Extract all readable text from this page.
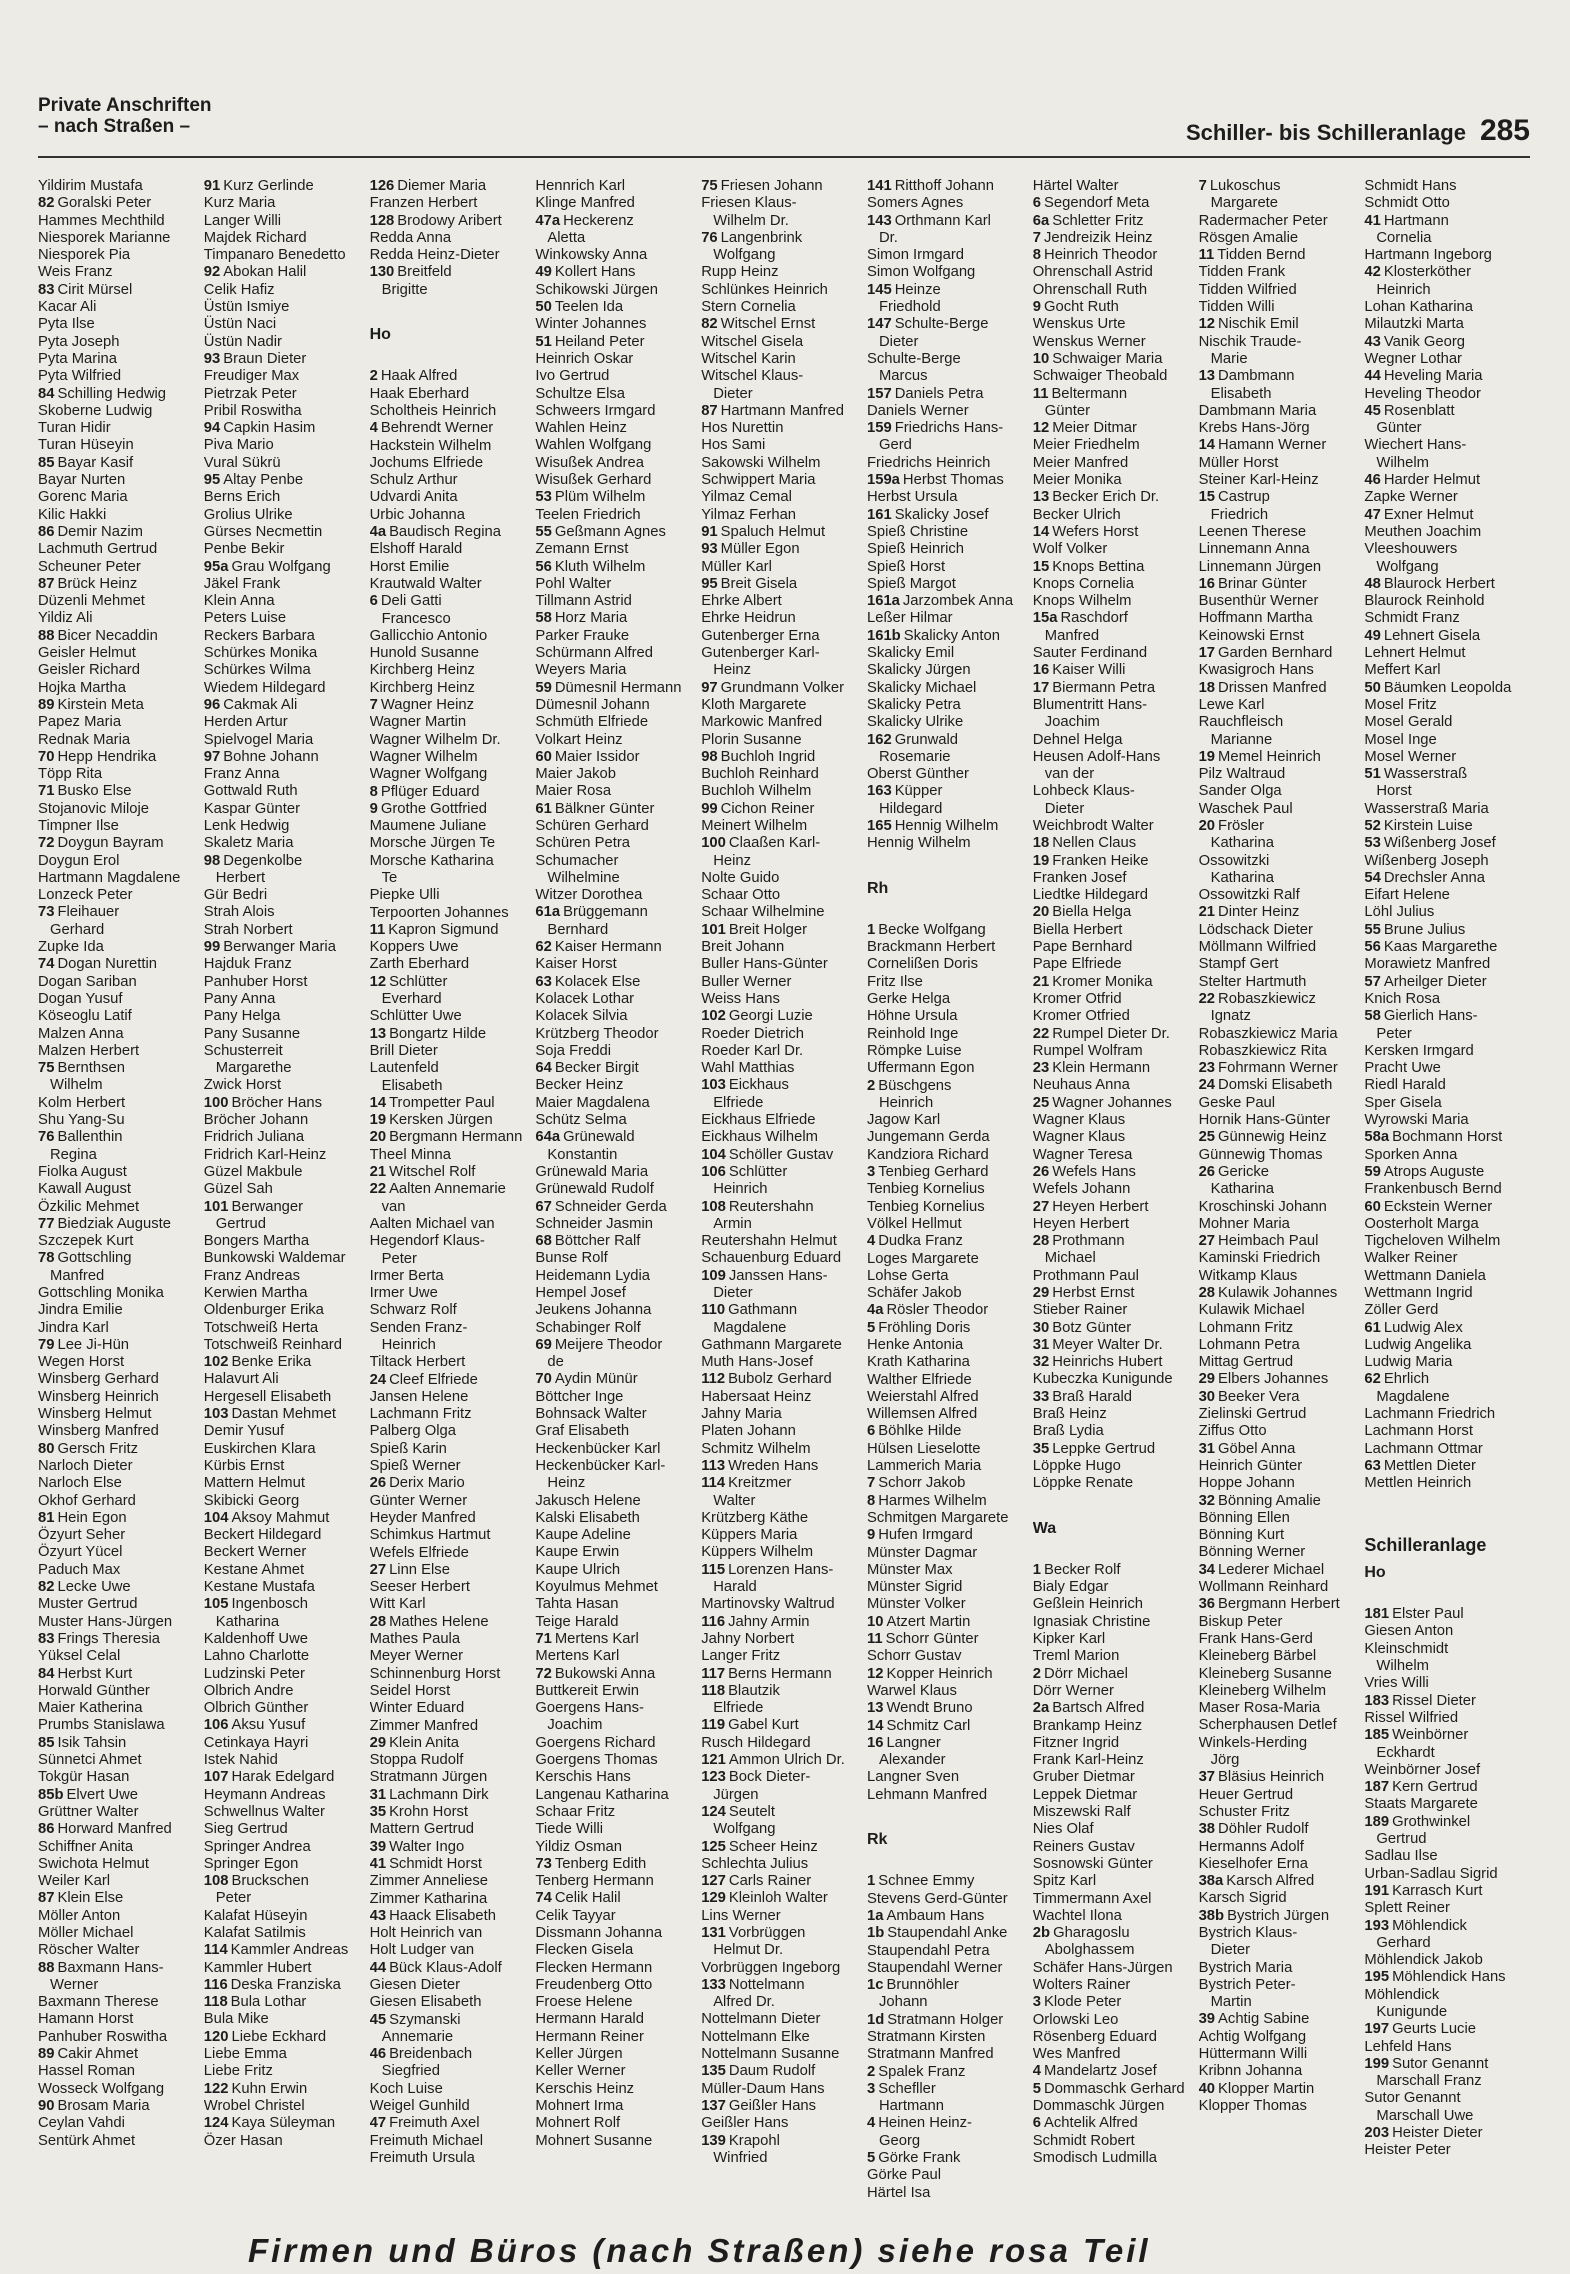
Private Anschriften
– nach Straßen –	Schiller- bis Schilleranlage 285
Yildirim Mustafa
82 Goralski Peter
Hammes Mechthild
Niesporek Marianne
Niesporek Pia
Weis Franz
83 Cirit Mürsel
Kacar Ali
Pyta Ilse
Pyta Joseph
Pyta Marina
Pyta Wilfried
84 Schilling Hedwig
Skoberne Ludwig
Turan Hidir
Turan Hüseyin
85 Bayar Kasif
Bayar Nurten
Gorenc Maria
Kilic Hakki
86 Demir Nazim
Lachmuth Gertrud
Scheuner Peter
87 Brück Heinz
Düzenli Mehmet
Yildiz Ali
88 Bicer Necaddin
Geisler Helmut
Geisler Richard
Hojka Martha
89 Kirstein Meta
Papez Maria
Rednak Maria
70 Hepp Hendrika
Töpp Rita
71 Busko Else
Stojanovic Miloje
Timpner Ilse
72 Doygun Bayram
Doygun Erol
Hartmann Magdalene
Lonzeck Peter
73 Fleihauer
Gerhard
Zupke Ida
74 Dogan Nurettin
Dogan Sariban
Dogan Yusuf
Köseoglu Latif
Malzen Anna
Malzen Herbert
75 Bernthsen
Wilhelm
Kolm Herbert
Shu Yang-Su
76 Ballenthin
Regina
Fiolka August
Kawall August
Özkilic Mehmet
77 Biedziak Auguste
Szczepek Kurt
78 Gottschling
Manfred
Gottschling Monika
Jindra Emilie
Jindra Karl
79 Lee Ji-Hün
Wegen Horst
Winsberg Gerhard
Winsberg Heinrich
Winsberg Helmut
Winsberg Manfred
80 Gersch Fritz
Narloch Dieter
Narloch Else
Okhof Gerhard
81 Hein Egon
Özyurt Seher
Özyurt Yücel
Paduch Max
82 Lecke Uwe
Muster Gertrud
Muster Hans-Jürgen
83 Frings Theresia
Yüksel Celal
84 Herbst Kurt
Horwald Günther
Maier Katherina
Prumbs Stanislawa
85 Isik Tahsin
Sünnetci Ahmet
Tokgür Hasan
85b Elvert Uwe
Grüttner Walter
86 Horward Manfred
Schiffner Anita
Swichota Helmut
Weiler Karl
87 Klein Else
Möller Anton
Möller Michael
Röscher Walter
88 Baxmann Hans-
Werner
Baxmann Therese
Hamann Horst
Panhuber Roswitha
89 Cakir Ahmet
Hassel Roman
Wosseck Wolfgang
90 Brosam Maria
Ceylan Vahdi
Sentürk Ahmet
91 Kurz Gerlinde
Kurz Maria
Langer Willi
Majdek Richard
Timpanaro Benedetto
92 Abokan Halil
Celik Hafiz
Üstün Ismiye
Üstün Naci
Üstün Nadir
93 Braun Dieter
Freudiger Max
Pietrzak Peter
Pribil Roswitha
94 Capkin Hasim
Piva Mario
Vural Sükrü
95 Altay Penbe
Berns Erich
Grolius Ulrike
Gürses Necmettin
Penbe Bekir
95a Grau Wolfgang
Jäkel Frank
Klein Anna
Peters Luise
Reckers Barbara
Schürkes Monika
Schürkes Wilma
Wiedem Hildegard
96 Cakmak Ali
Herden Artur
Spielvogel Maria
97 Bohne Johann
Franz Anna
Gottwald Ruth
Kaspar Günter
Lenk Hedwig
Skaletz Maria
98 Degenkolbe
Herbert
Gür Bedri
Strah Alois
Strah Norbert
99 Berwanger Maria
Hajduk Franz
Panhuber Horst
Pany Anna
Pany Helga
Pany Susanne
Schusterreit
Margarethe
Zwick Horst
100 Bröcher Hans
Bröcher Johann
Fridrich Juliana
Fridrich Karl-Heinz
Güzel Makbule
Güzel Sah
101 Berwanger
Gertrud
Bongers Martha
Bunkowski Waldemar
Franz Andreas
Kerwien Martha
Oldenburger Erika
Totschweiß Herta
Totschweiß Reinhard
102 Benke Erika
Halavurt Ali
Hergesell Elisabeth
103 Dastan Mehmet
Demir Yusuf
Euskirchen Klara
Kürbis Ernst
Mattern Helmut
Skibicki Georg
104 Aksoy Mahmut
Beckert Hildegard
Beckert Werner
Kestane Ahmet
Kestane Mustafa
105 Ingenbosch
Katharina
Kaldenhoff Uwe
Lahno Charlotte
Ludzinski Peter
Olbrich Andre
Olbrich Günther
106 Aksu Yusuf
Cetinkaya Hayri
Istek Nahid
107 Harak Edelgard
Heymann Andreas
Schwellnus Walter
Sieg Gertrud
Springer Andrea
Springer Egon
108 Bruckschen
Peter
Kalafat Hüseyin
Kalafat Satilmis
114 Kammler Andreas
Kammler Hubert
116 Deska Franziska
118 Bula Lothar
Bula Mike
120 Liebe Eckhard
Liebe Emma
Liebe Fritz
122 Kuhn Erwin
Wrobel Christel
124 Kaya Süleyman
Özer Hasan
126 Diemer Maria
Franzen Herbert
128 Brodowy Aribert
Redda Anna
Redda Heinz-Dieter
130 Breitfeld
Brigitte
Ho
2 Haak Alfred
Haak Eberhard
Scholtheis Heinrich
4 Behrendt Werner
Hackstein Wilhelm
Jochums Elfriede
Schulz Arthur
Udvardi Anita
Urbic Johanna
4a Baudisch Regina
Elshoff Harald
Horst Emilie
Krautwald Walter
6 Deli Gatti
Francesco
Gallicchio Antonio
Hunold Susanne
Kirchberg Heinz
Kirchberg Heinz
7 Wagner Heinz
Wagner Martin
Wagner Wilhelm Dr.
Wagner Wilhelm
Wagner Wolfgang
8 Pflüger Eduard
9 Grothe Gottfried
Maumene Juliane
Morsche Jürgen Te
Morsche Katharina
Te
Piepke Ulli
Terpoorten Johannes
11 Kapron Sigmund
Koppers Uwe
Zarth Eberhard
12 Schlütter
Everhard
Schlütter Uwe
13 Bongartz Hilde
Brill Dieter
Lautenfeld
Elisabeth
14 Trompetter Paul
19 Kersken Jürgen
20 Bergmann Hermann
Theel Minna
21 Witschel Rolf
22 Aalten Annemarie
van
Aalten Michael van
Hegendorf Klaus-
Peter
Irmer Berta
Irmer Uwe
Schwarz Rolf
Senden Franz-
Heinrich
Tiltack Herbert
24 Cleef Elfriede
Jansen Helene
Lachmann Fritz
Palberg Olga
Spieß Karin
Spieß Werner
26 Derix Mario
Günter Werner
Heyder Manfred
Schimkus Hartmut
Wefels Elfriede
27 Linn Else
Seeser Herbert
Witt Karl
28 Mathes Helene
Mathes Paula
Meyer Werner
Schinnenburg Horst
Seidel Horst
Winter Eduard
Zimmer Manfred
29 Klein Anita
Stoppa Rudolf
Stratmann Jürgen
31 Lachmann Dirk
35 Krohn Horst
Mattern Gertrud
39 Walter Ingo
41 Schmidt Horst
Zimmer Anneliese
Zimmer Katharina
43 Haack Elisabeth
Holt Heinrich van
Holt Ludger van
44 Bück Klaus-Adolf
Giesen Dieter
Giesen Elisabeth
45 Szymanski
Annemarie
46 Breidenbach
Siegfried
Koch Luise
Weigel Gunhild
47 Freimuth Axel
Freimuth Michael
Freimuth Ursula
Hennrich Karl
Klinge Manfred
47a Heckerenz
Aletta
Winkowsky Anna
49 Kollert Hans
Schikowski Jürgen
50 Teelen Ida
Winter Johannes
51 Heiland Peter
Heinrich Oskar
Ivo Gertrud
Schultze Elsa
Schweers Irmgard
Wahlen Heinz
Wahlen Wolfgang
Wisußek Andrea
Wisußek Gerhard
53 Plüm Wilhelm
Teelen Friedrich
55 Geßmann Agnes
Zemann Ernst
56 Kluth Wilhelm
Pohl Walter
Tillmann Astrid
58 Horz Maria
Parker Frauke
Schürmann Alfred
Weyers Maria
59 Dümesnil Hermann
Dümesnil Johann
Schmüth Elfriede
Volkart Heinz
60 Maier Issidor
Maier Jakob
Maier Rosa
61 Bälkner Günter
Schüren Gerhard
Schüren Petra
Schumacher
Wilhelmine
Witzer Dorothea
61a Brüggemann
Bernhard
62 Kaiser Hermann
Kaiser Horst
63 Kolacek Else
Kolacek Lothar
Kolacek Silvia
Krützberg Theodor
Soja Freddi
64 Becker Birgit
Becker Heinz
Maier Magdalena
Schütz Selma
64a Grünewald
Konstantin
Grünewald Maria
Grünewald Rudolf
67 Schneider Gerda
Schneider Jasmin
68 Böttcher Ralf
Bunse Rolf
Heidemann Lydia
Hempel Josef
Jeukens Johanna
Schabinger Rolf
69 Meijere Theodor
de
70 Aydin Münür
Böttcher Inge
Bohnsack Walter
Graf Elisabeth
Heckenbücker Karl
Heckenbücker Karl-
Heinz
Jakusch Helene
Kalski Elisabeth
Kaupe Adeline
Kaupe Erwin
Kaupe Ulrich
Koyulmus Mehmet
Tahta Hasan
Teige Harald
71 Mertens Karl
Mertens Karl
72 Bukowski Anna
Buttkereit Erwin
Goergens Hans-
Joachim
Goergens Richard
Goergens Thomas
Kerschis Hans
Langenau Katharina
Schaar Fritz
Tiede Willi
Yildiz Osman
73 Tenberg Edith
Tenberg Hermann
74 Celik Halil
Celik Tayyar
Dissmann Johanna
Flecken Gisela
Flecken Hermann
Freudenberg Otto
Froese Helene
Hermann Harald
Hermann Reiner
Keller Jürgen
Keller Werner
Kerschis Heinz
Mohnert Irma
Mohnert Rolf
Mohnert Susanne
75 Friesen Johann
Friesen Klaus-
Wilhelm Dr.
76 Langenbrink
Wolfgang
Rupp Heinz
Schlünkes Heinrich
Stern Cornelia
82 Witschel Ernst
Witschel Gisela
Witschel Karin
Witschel Klaus-
Dieter
87 Hartmann Manfred
Hos Nurettin
Hos Sami
Sakowski Wilhelm
Schwippert Maria
Yilmaz Cemal
Yilmaz Ferhan
91 Spaluch Helmut
93 Müller Egon
Müller Karl
95 Breit Gisela
Ehrke Albert
Ehrke Heidrun
Gutenberger Erna
Gutenberger Karl-
Heinz
97 Grundmann Volker
Kloth Margarete
Markowic Manfred
Plorin Susanne
98 Buchloh Ingrid
Buchloh Reinhard
Buchloh Wilhelm
99 Cichon Reiner
Meinert Wilhelm
100 Claaßen Karl-
Heinz
Nolte Guido
Schaar Otto
Schaar Wilhelmine
101 Breit Holger
Breit Johann
Buller Hans-Günter
Buller Werner
Weiss Hans
102 Georgi Luzie
Roeder Dietrich
Roeder Karl Dr.
Wahl Matthias
103 Eickhaus
Elfriede
Eickhaus Elfriede
Eickhaus Wilhelm
104 Schöller Gustav
106 Schlütter
Heinrich
108 Reutershahn
Armin
Reutershahn Helmut
Schauenburg Eduard
109 Janssen Hans-
Dieter
110 Gathmann
Magdalene
Gathmann Margarete
Muth Hans-Josef
112 Bubolz Gerhard
Habersaat Heinz
Jahny Maria
Platen Johann
Schmitz Wilhelm
113 Wreden Hans
114 Kreitzmer
Walter
Krützberg Käthe
Küppers Maria
Küppers Wilhelm
115 Lorenzen Hans-
Harald
Martinovsky Waltrud
116 Jahny Armin
Jahny Norbert
Langer Fritz
117 Berns Hermann
118 Blautzik
Elfriede
119 Gabel Kurt
Rusch Hildegard
121 Ammon Ulrich Dr.
123 Bock Dieter-
Jürgen
124 Seutelt
Wolfgang
125 Scheer Heinz
Schlechta Julius
127 Carls Rainer
129 Kleinloh Walter
Lins Werner
131 Vorbrüggen
Helmut Dr.
Vorbrüggen Ingeborg
133 Nottelmann
Alfred Dr.
Nottelmann Dieter
Nottelmann Elke
Nottelmann Susanne
135 Daum Rudolf
Müller-Daum Hans
137 Geißler Hans
Geißler Hans
139 Krapohl
Winfried
141 Ritthoff Johann
Somers Agnes
143 Orthmann Karl
Dr.
Simon Irmgard
Simon Wolfgang
145 Heinze
Friedhold
147 Schulte-Berge
Dieter
Schulte-Berge
Marcus
157 Daniels Petra
Daniels Werner
159 Friedrichs Hans-
Gerd
Friedrichs Heinrich
159a Herbst Thomas
Herbst Ursula
161 Skalicky Josef
Spieß Christine
Spieß Heinrich
Spieß Horst
Spieß Margot
161a Jarzombek Anna
Leßer Hilmar
161b Skalicky Anton
Skalicky Emil
Skalicky Jürgen
Skalicky Michael
Skalicky Petra
Skalicky Ulrike
162 Grunwald
Rosemarie
Oberst Günther
163 Küpper
Hildegard
165 Hennig Wilhelm
Hennig Wilhelm
Rh
1 Becke Wolfgang
Brackmann Herbert
Cornelißen Doris
Fritz Ilse
Gerke Helga
Höhne Ursula
Reinhold Inge
Römpke Luise
Uffermann Egon
2 Büschgens
Heinrich
Jagow Karl
Jungemann Gerda
Kandziora Richard
3 Tenbieg Gerhard
Tenbieg Kornelius
Tenbieg Kornelius
Völkel Hellmut
4 Dudka Franz
Loges Margarete
Lohse Gerta
Schäfer Jakob
4a Rösler Theodor
5 Fröhling Doris
Henke Antonia
Krath Katharina
Walther Elfriede
Weierstahl Alfred
Willemsen Alfred
6 Böhlke Hilde
Hülsen Lieselotte
Lammerich Maria
7 Schorr Jakob
8 Harmes Wilhelm
Schmitgen Margarete
9 Hufen Irmgard
Münster Dagmar
Münster Max
Münster Sigrid
Münster Volker
10 Atzert Martin
11 Schorr Günter
Schorr Gustav
12 Kopper Heinrich
Warwel Klaus
13 Wendt Bruno
14 Schmitz Carl
16 Langner
Alexander
Langner Sven
Lehmann Manfred
Rk
1 Schnee Emmy
Stevens Gerd-Günter
1a Ambaum Hans
1b Staupendahl Anke
Staupendahl Petra
Staupendahl Werner
1c Brunnöhler
Johann
1d Stratmann Holger
Stratmann Kirsten
Stratmann Manfred
2 Spalek Franz
3 Schefller
Hartmann
4 Heinen Heinz-
Georg
5 Görke Frank
Görke Paul
Härtel Isa
Härtel Walter
6 Segendorf Meta
6a Schletter Fritz
7 Jendreizik Heinz
8 Heinrich Theodor
Ohrenschall Astrid
Ohrenschall Ruth
9 Gocht Ruth
Wenskus Urte
Wenskus Werner
10 Schwaiger Maria
Schwaiger Theobald
11 Beltermann
Günter
12 Meier Ditmar
Meier Friedhelm
Meier Manfred
Meier Monika
13 Becker Erich Dr.
Becker Ulrich
14 Wefers Horst
Wolf Volker
15 Knops Bettina
Knops Cornelia
Knops Wilhelm
15a Raschdorf
Manfred
Sauter Ferdinand
16 Kaiser Willi
17 Biermann Petra
Blumentritt Hans-
Joachim
Dehnel Helga
Heusen Adolf-Hans
van der
Lohbeck Klaus-
Dieter
Weichbrodt Walter
18 Nellen Claus
19 Franken Heike
Franken Josef
Liedtke Hildegard
20 Biella Helga
Biella Herbert
Pape Bernhard
Pape Elfriede
21 Kromer Monika
Kromer Otfrid
Kromer Otfried
22 Rumpel Dieter Dr.
Rumpel Wolfram
23 Klein Hermann
Neuhaus Anna
25 Wagner Johannes
Wagner Klaus
Wagner Klaus
Wagner Teresa
26 Wefels Hans
Wefels Johann
27 Heyen Herbert
Heyen Herbert
28 Prothmann
Michael
Prothmann Paul
29 Herbst Ernst
Stieber Rainer
30 Botz Günter
31 Meyer Walter Dr.
32 Heinrichs Hubert
Kubeczka Kunigunde
33 Braß Harald
Braß Heinz
Braß Lydia
35 Leppke Gertrud
Löppke Hugo
Löppke Renate
Wa
1 Becker Rolf
Bialy Edgar
Geßlein Heinrich
Ignasiak Christine
Kipker Karl
Treml Marion
2 Dörr Michael
Dörr Werner
2a Bartsch Alfred
Brankamp Heinz
Fitzner Ingrid
Frank Karl-Heinz
Gruber Dietmar
Leppek Dietmar
Miszewski Ralf
Nies Olaf
Reiners Gustav
Sosnowski Günter
Spitz Karl
Timmermann Axel
Wachtel Ilona
2b Gharagoslu
Abolghassem
Schäfer Hans-Jürgen
Wolters Rainer
3 Klode Peter
Orlowski Leo
Rösenberg Eduard
Wes Manfred
4 Mandelartz Josef
5 Dommaschk Gerhard
Dommaschk Jürgen
6 Achtelik Alfred
Schmidt Robert
Smodisch Ludmilla
7 Lukoschus
Margarete
Radermacher Peter
Rösgen Amalie
11 Tidden Bernd
Tidden Frank
Tidden Wilfried
Tidden Willi
12 Nischik Emil
Nischik Traude-
Marie
13 Dambmann
Elisabeth
Dambmann Maria
Krebs Hans-Jörg
14 Hamann Werner
Müller Horst
Steiner Karl-Heinz
15 Castrup
Friedrich
Leenen Therese
Linnemann Anna
Linnemann Jürgen
16 Brinar Günter
Busenthür Werner
Hoffmann Martha
Keinowski Ernst
17 Garden Bernhard
Kwasigroch Hans
18 Drissen Manfred
Lewe Karl
Rauchfleisch
Marianne
19 Memel Heinrich
Pilz Waltraud
Sander Olga
Waschek Paul
20 Frösler
Katharina
Ossowitzki
Katharina
Ossowitzki Ralf
21 Dinter Heinz
Lödschack Dieter
Möllmann Wilfried
Stampf Gert
Stelter Hartmuth
22 Robaszkiewicz
Ignatz
Robaszkiewicz Maria
Robaszkiewicz Rita
23 Fohrmann Werner
24 Domski Elisabeth
Geske Paul
Hornik Hans-Günter
25 Günnewig Heinz
Günnewig Thomas
26 Gericke
Katharina
Kroschinski Johann
Mohner Maria
27 Heimbach Paul
Kaminski Friedrich
Witkamp Klaus
28 Kulawik Johannes
Kulawik Michael
Lohmann Fritz
Lohmann Petra
Mittag Gertrud
29 Elbers Johannes
30 Beeker Vera
Zielinski Gertrud
Ziffus Otto
31 Göbel Anna
Heinrich Günter
Hoppe Johann
32 Bönning Amalie
Bönning Ellen
Bönning Kurt
Bönning Werner
34 Lederer Michael
Wollmann Reinhard
36 Bergmann Herbert
Biskup Peter
Frank Hans-Gerd
Kleineberg Bärbel
Kleineberg Susanne
Kleineberg Wilhelm
Maser Rosa-Maria
Scherphausen Detlef
Winkels-Herding
Jörg
37 Bläsius Heinrich
Heuer Gertrud
Schuster Fritz
38 Döhler Rudolf
Hermanns Adolf
Kieselhofer Erna
38a Karsch Alfred
Karsch Sigrid
38b Bystrich Jürgen
Bystrich Klaus-
Dieter
Bystrich Maria
Bystrich Peter-
Martin
39 Achtig Sabine
Achtig Wolfgang
Hüttermann Willi
Kribnn Johanna
40 Klopper Martin
Klopper Thomas
Schmidt Hans
Schmidt Otto
41 Hartmann
Cornelia
Hartmann Ingeborg
42 Klosterköther
Heinrich
Lohan Katharina
Milautzki Marta
43 Vanik Georg
Wegner Lothar
44 Heveling Maria
Heveling Theodor
45 Rosenblatt
Günter
Wiechert Hans-
Wilhelm
46 Harder Helmut
Zapke Werner
47 Exner Helmut
Meuthen Joachim
Vleeshouwers
Wolfgang
48 Blaurock Herbert
Blaurock Reinhold
Schmidt Franz
49 Lehnert Gisela
Lehnert Helmut
Meffert Karl
50 Bäumken Leopolda
Mosel Fritz
Mosel Gerald
Mosel Inge
Mosel Werner
51 Wasserstraß
Horst
Wasserstraß Maria
52 Kirstein Luise
53 Wißenberg Josef
Wißenberg Joseph
54 Drechsler Anna
Eifart Helene
Löhl Julius
55 Brune Julius
56 Kaas Margarethe
Morawietz Manfred
57 Arheilger Dieter
Knich Rosa
58 Gierlich Hans-
Peter
Kersken Irmgard
Pracht Uwe
Riedl Harald
Sper Gisela
Wyrowski Maria
58a Bochmann Horst
Sporken Anna
59 Atrops Auguste
Frankenbusch Bernd
60 Eckstein Werner
Oosterholt Marga
Tigcheloven Wilhelm
Walker Reiner
Wettmann Daniela
Wettmann Ingrid
Zöller Gerd
61 Ludwig Alex
Ludwig Angelika
Ludwig Maria
62 Ehrlich
Magdalene
Lachmann Friedrich
Lachmann Horst
Lachmann Ottmar
63 Mettlen Dieter
Mettlen Heinrich
Schilleranlage
Ho
181 Elster Paul
Giesen Anton
Kleinschmidt
Wilhelm
Vries Willi
183 Rissel Dieter
Rissel Wilfried
185 Weinbörner
Eckhardt
Weinbörner Josef
187 Kern Gertrud
Staats Margarete
189 Grothwinkel
Gertrud
Sadlau Ilse
Urban-Sadlau Sigrid
191 Karrasch Kurt
Splett Reiner
193 Möhlendick
Gerhard
Möhlendick Jakob
195 Möhlendick Hans
Möhlendick
Kunigunde
197 Geurts Lucie
Lehfeld Hans
199 Sutor Genannt
Marschall Franz
Sutor Genannt
Marschall Uwe
203 Heister Dieter
Heister Peter
Firmen und Büros (nach Straßen) siehe rosa Teil
